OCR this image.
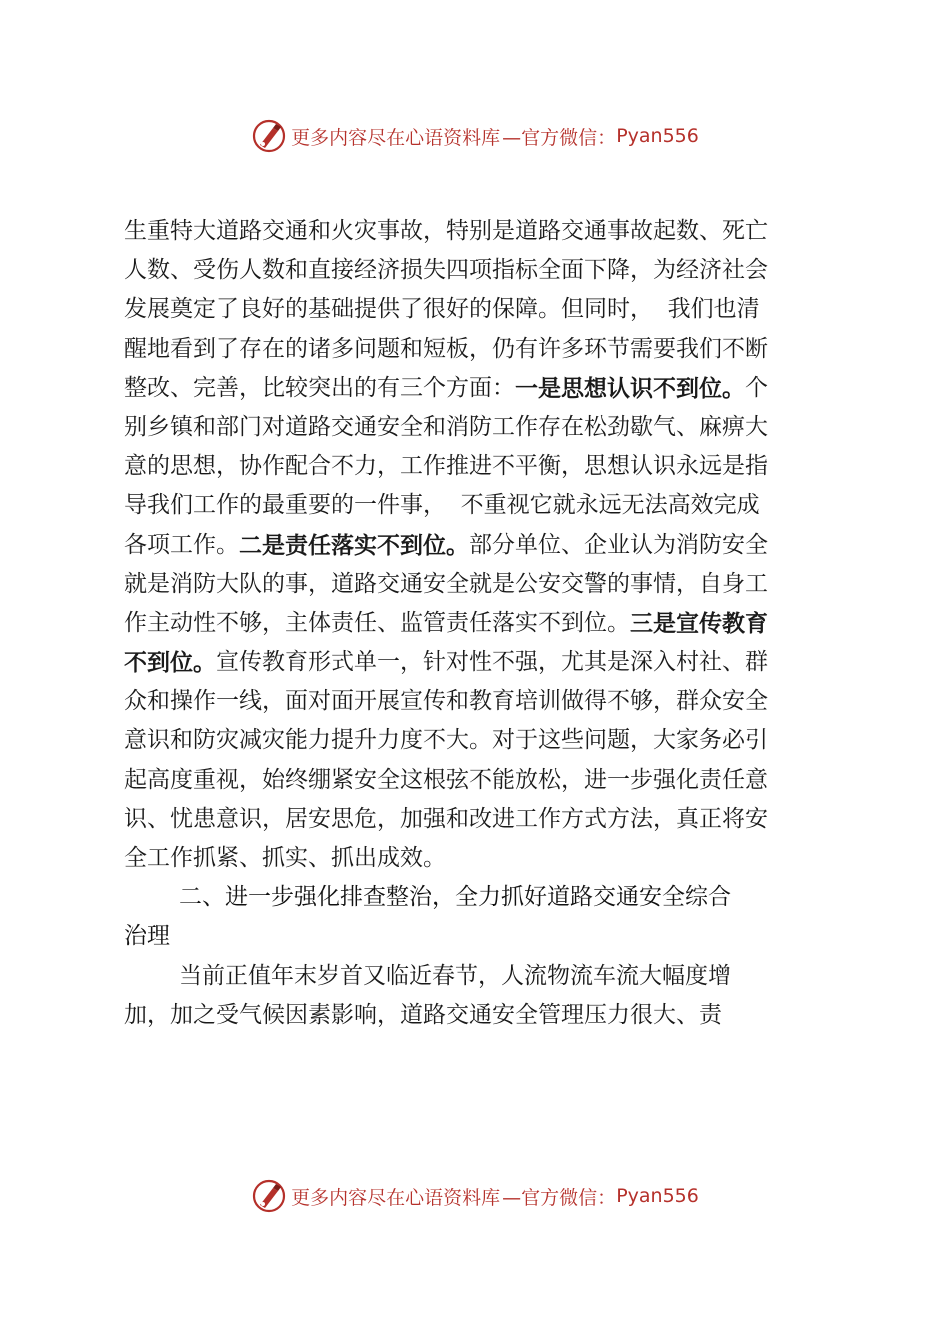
更多内容尽在心语资料库 —官方微信： Pyan556
生重特大道路交通和火灾事故，特别是道路交通事故起数、死亡
人数、受伤人数和直接经济损失四项指标全面下降，为经济社会
发展奠定了良好的基础提供了很好的保障。但同时，  我们也清
醒地看到了存在的诸多问题和短板，仍有许多环节需要我们不断
整改、完善，比较突出的有三个方面： 一是思想认识不到位。 个
别乡镇和部门对道路交通安全和消防工作存在松劲歇气、麻痹大
意的思想，协作配合不力，工作推进不平衡，思想认识永远是指
导我们工作的最重要的一件事，  不重视它就永远无法高效完成
各项工作。 二是责任落实不到位。 部分单位、企业认为消防安全
就是消防大队的事，道路交通安全就是公安交警的事情，自身工
作主动性不够，主体责任、监管责任落实不到位。 三是宣传教育
不到位。 宣传教育形式单一，针对性不强，尤其是深入村社、群
众和操作一线，面对面开展宣传和教育培训做得不够，群众安全
意识和防灾减灾能力提升力度不大。对于这些问题，大家务必引
起高度重视，始终绷紧安全这根弦不能放松，进一步强化责任意
识、忧患意识，居安思危，加强和改进工作方式方法，真正将安
全工作抓紧、抓实、抓出成效。
二、进一步强化排查整治，全力抓好道路交通安全综合
治理
当前正值年末岁首又临近春节，人流物流车流大幅度增
加，加之受气候因素影响，道路交通安全管理压力很大、责
更多内容尽在心语资料库 —官方微信： Pyan556
